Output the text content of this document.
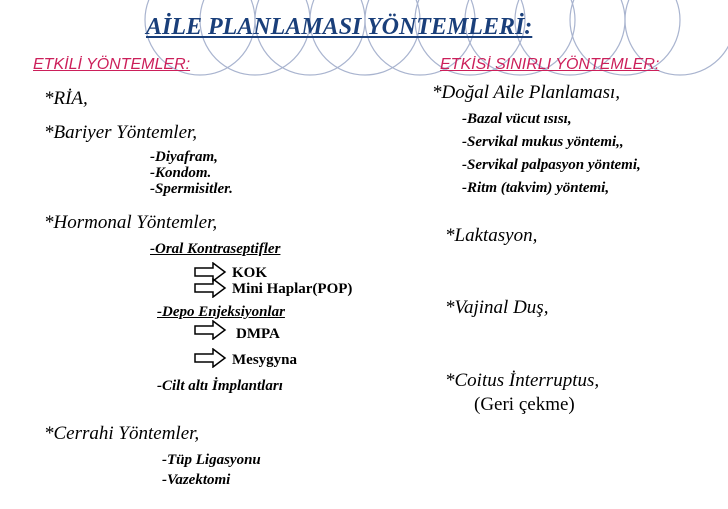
AİLE PLANLAMASI YÖNTEMLERİ:
ETKİLİ YÖNTEMLER:
*RİA,
*Bariyer Yöntemler,
-Diyafram,
-Kondom.
-Spermisitler.
*Hormonal Yöntemler,
-Oral Kontraseptifler
KOK
Mini Haplar(POP)
-Depo Enjeksiyonlar
DMPA
Mesygyna
-Cilt altı İmplantları
*Cerrahi Yöntemler,
-Tüp Ligasyonu
-Vazektomi
ETKİSİ SINIRLI YÖNTEMLER:
*Doğal Aile Planlaması,
-Bazal vücut ısısı,
-Servikal mukus yöntemi,,
-Servikal palpasyon yöntemi,
-Ritm (takvim) yöntemi,
*Laktasyon,
*Vajinal Duş,
*Coitus İnterruptus,
(Geri çekme)
